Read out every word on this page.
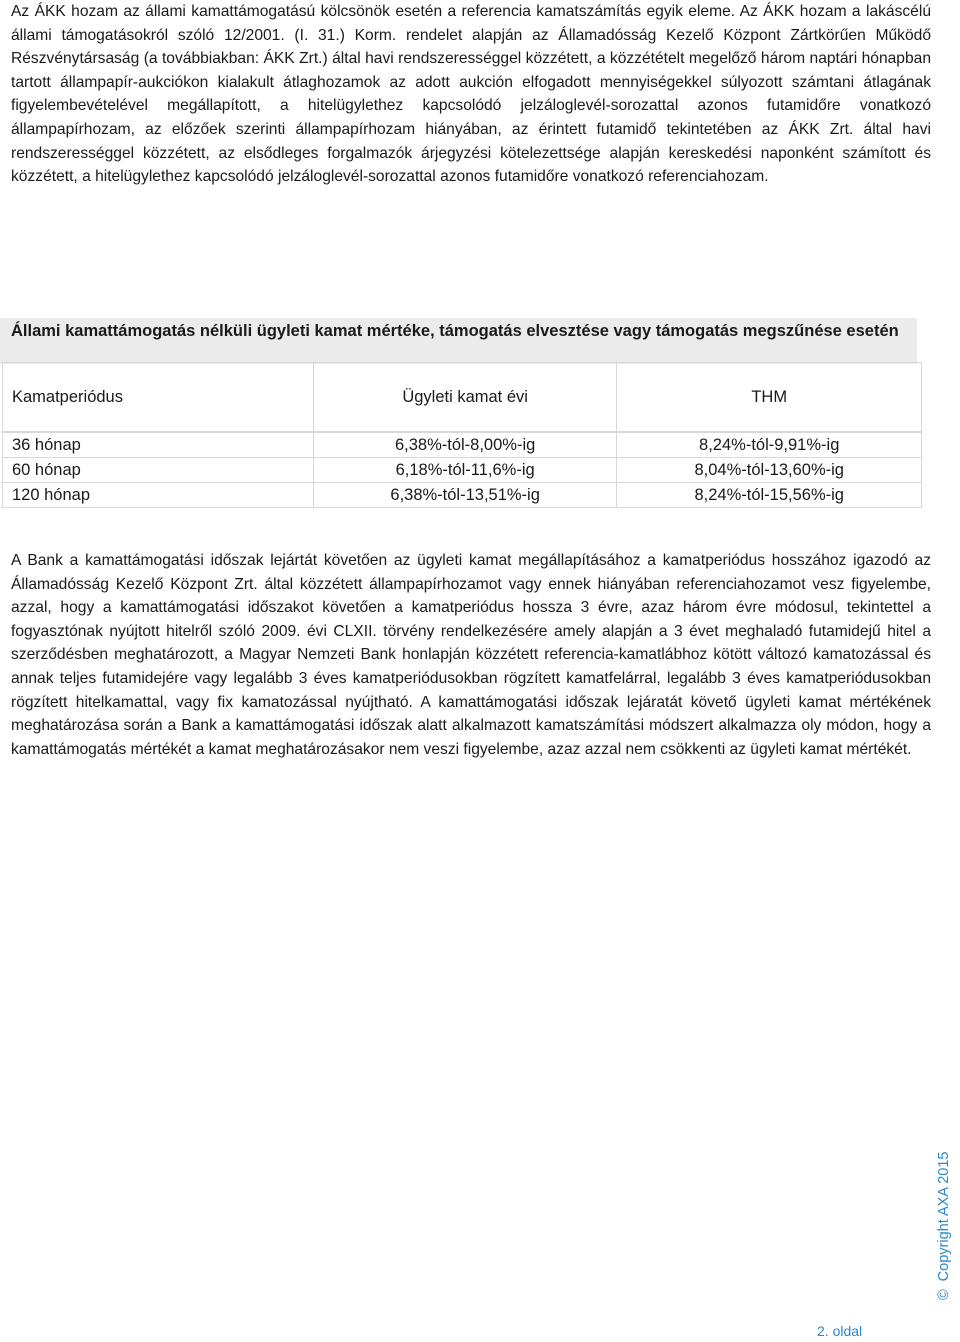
Az ÁKK hozam az állami kamattámogatású kölcsönök esetén a referencia kamatszámítás egyik eleme. Az ÁKK hozam a lakáscélú állami támogatásokról szóló 12/2001. (I. 31.) Korm. rendelet alapján az Államadósság Kezelő Központ Zártkörűen Működő Részvénytársaság (a továbbiakban: ÁKK Zrt.) által havi rendszerességgel közzétett, a közzétételt megelőző három naptári hónapban tartott állampapír-aukciókon kialakult átlaghozamok az adott aukción elfogadott mennyiségekkel súlyozott számtani átlagának figyelembevételével megállapított, a hitelügylethez kapcsolódó jelzáloglevél-sorozattal azonos futamidőre vonatkozó állampapírhozam, az előzőek szerinti állampapírhozam hiányában, az érintett futamidő tekintetében az ÁKK Zrt. által havi rendszerességgel közzétett, az elsődleges forgalmazók árjegyzési kötelezettsége alapján kereskedési naponként számított és közzétett, a hitelügylethez kapcsolódó jelzáloglevél-sorozattal azonos futamidőre vonatkozó referenciahozam.

Állami kamattámogatás nélküli ügyleti kamat mértéke, támogatás elvesztése vagy támogatás megszűnése esetén
Kamatperiódus	Ügyleti kamat évi	THM
36 hónap	6,38%-tól-8,00%-ig	8,24%-tól-9,91%-ig
60 hónap	6,18%-tól-11,6%-ig	8,04%-tól-13,60%-ig
120 hónap	6,38%-tól-13,51%-ig	8,24%-tól-15,56%-ig

A Bank a kamattámogatási időszak lejártát követően az ügyleti kamat megállapításához a kamatperiódus hosszához igazodó az Államadósság Kezelő Központ Zrt. által közzétett állampapírhozamot vagy ennek hiányában referenciahozamot vesz figyelembe, azzal, hogy a kamattámogatási időszakot követően a kamatperiódus hossza 3 évre, azaz három évre módosul, tekintettel a fogyasztónak nyújtott hitelről szóló 2009. évi CLXII. törvény rendelkezésére amely alapján a 3 évet meghaladó futamidejű hitel a szerződésben meghatározott, a Magyar Nemzeti Bank honlapján közzétett referencia-kamatlábhoz kötött változó kamatozással és annak teljes futamidejére vagy legalább 3 éves kamatperiódusokban rögzített kamatfelárral, legalább 3 éves kamatperiódusokban rögzített hitelkamattal, vagy fix kamatozással nyújtható. A kamattámogatási időszak lejáratát követő ügyleti kamat mértékének meghatározása során a Bank a kamattámogatási időszak alatt alkalmazott kamatszámítási módszert alkalmazza oly módon, hogy a kamattámogatás mértékét a kamat meghatározásakor nem veszi figyelembe, azaz azzal nem csökkenti az ügyleti kamat mértékét.

©Copyright AXA 2015
2. oldal
